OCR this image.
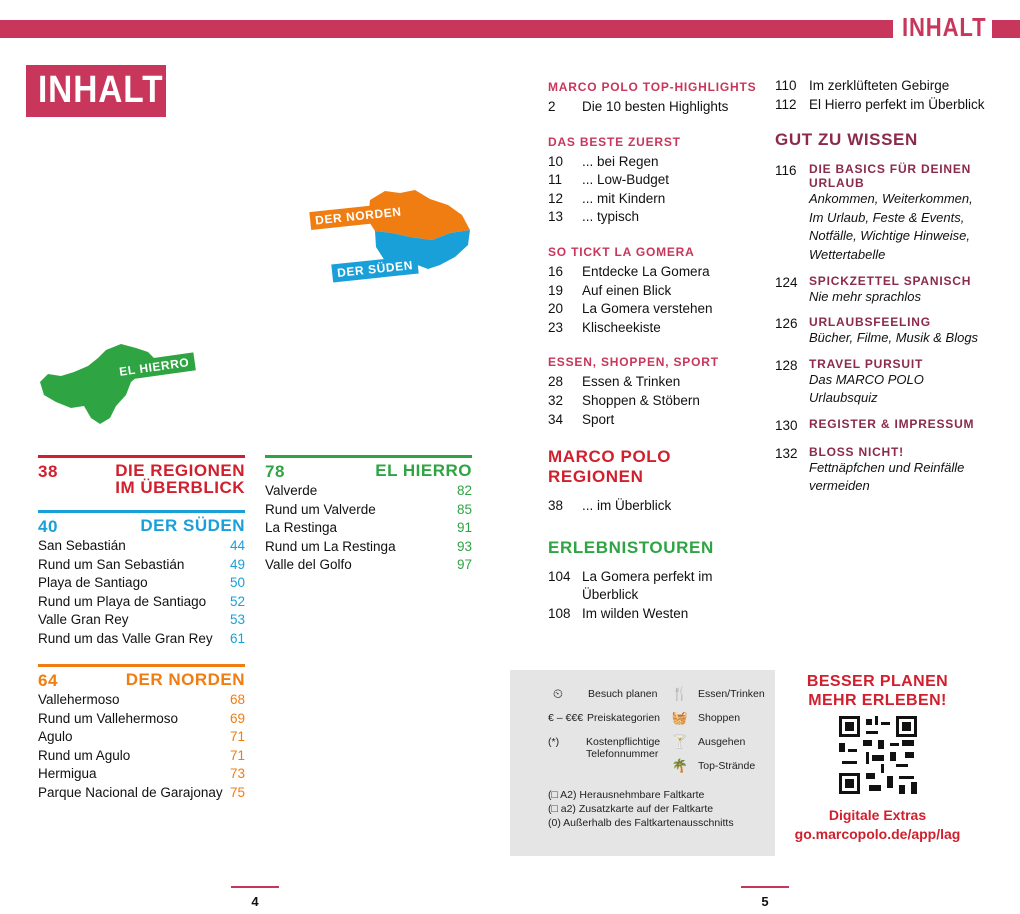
INHALT
INHALT
DER NORDEN
DER SÜDEN
EL HIERRO
38	DIE REGIONEN IM ÜBERBLICK
40	DER SÜDEN
San Sebastián	44
Rund um San Sebastián	49
Playa de Santiago	50
Rund um Playa de Santiago 52
Valle Gran Rey	53
Rund um das Valle Gran Rey 61
64	DER NORDEN
Vallehermoso	68
Rund um Vallehermoso	69
Agulo	71
Rund um Agulo	71
Hermigua	73
Parque Nacional de Garajonay 75
78	EL HIERRO
Valverde	82
Rund um Valverde	85
La Restinga	91
Rund um La Restinga	93
Valle del Golfo	97
MARCO POLO TOP-HIGHLIGHTS
2	Die 10 besten Highlights
DAS BESTE ZUERST
10	... bei Regen
11	... Low-Budget
12	... mit Kindern
13	... typisch
SO TICKT LA GOMERA
16	Entdecke La Gomera
19	Auf einen Blick
20	La Gomera verstehen
23	Klischeekiste
ESSEN, SHOPPEN, SPORT
28	Essen & Trinken
32	Shoppen & Stöbern
34	Sport
MARCO POLO REGIONEN
38	... im Überblick
ERLEBNISTOUREN
104 La Gomera perfekt im Überblick
108 Im wilden Westen
110 Im zerklüfteten Gebirge
112 El Hierro perfekt im Überblick
GUT ZU WISSEN
116	DIE BASICS FÜR DEINEN URLAUB
Ankommen, Weiterkommen, Im Urlaub, Feste & Events, Notfälle, Wichtige Hinweise, Wettertabelle
124 SPICKZETTEL SPANISCH
Nie mehr sprachlos
126 URLAUBSFEELING
Bücher, Filme, Musik & Blogs
128 TRAVEL PURSUIT
Das MARCO POLO Urlaubsquiz
130 REGISTER & IMPRESSUM
132 BLOSS NICHT!
Fettnäpfchen und Reinfälle vermeiden
⏲	Besuch planen
€ – €€€ Preiskategorien
(*)	Kostenpflichtige Telefonnummer
🍴 Essen/Trinken
🧺 Shoppen
🍸 Ausgehen
🌴 Top-Strände
(□ A2) Herausnehmbare Faltkarte
(□ a2) Zusatzkarte auf der Faltkarte
(0) Außerhalb des Faltkartenausschnitts
BESSER PLANEN
MEHR ERLEBEN!
Digitale Extras
go.marcopolo.de/app/lag
4	5
